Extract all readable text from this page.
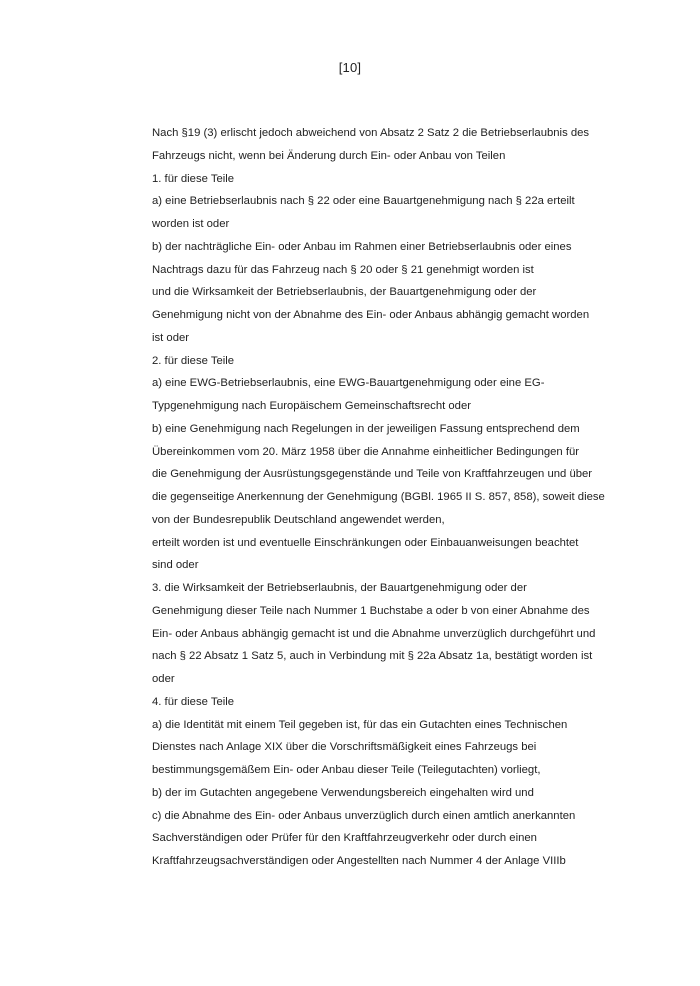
[10]
Nach §19 (3) erlischt jedoch abweichend von Absatz 2 Satz 2 die Betriebserlaubnis des
Fahrzeugs nicht, wenn bei Änderung durch Ein- oder Anbau von Teilen
1. für diese Teile
a) eine Betriebserlaubnis nach § 22 oder eine Bauartgenehmigung nach § 22a erteilt
worden ist oder
b) der nachträgliche Ein- oder Anbau im Rahmen einer Betriebserlaubnis oder eines
Nachtrags dazu für das Fahrzeug nach § 20 oder § 21 genehmigt worden ist
und die Wirksamkeit der Betriebserlaubnis, der Bauartgenehmigung oder der
Genehmigung nicht von der Abnahme des Ein- oder Anbaus abhängig gemacht worden
ist oder
2. für diese Teile
a) eine EWG-Betriebserlaubnis, eine EWG-Bauartgenehmigung oder eine EG-
Typgenehmigung nach Europäischem Gemeinschaftsrecht oder
b) eine Genehmigung nach Regelungen in der jeweiligen Fassung entsprechend dem
Übereinkommen vom 20. März 1958 über die Annahme einheitlicher Bedingungen für
die Genehmigung der Ausrüstungsgegenstände und Teile von Kraftfahrzeugen und über
die gegenseitige Anerkennung der Genehmigung (BGBl. 1965 II S. 857, 858), soweit diese
von der Bundesrepublik Deutschland angewendet werden,
erteilt worden ist und eventuelle Einschränkungen oder Einbauanweisungen beachtet
sind oder
3. die Wirksamkeit der Betriebserlaubnis, der Bauartgenehmigung oder der
Genehmigung dieser Teile nach Nummer 1 Buchstabe a oder b von einer Abnahme des
Ein- oder Anbaus abhängig gemacht ist und die Abnahme unverzüglich durchgeführt und
nach § 22 Absatz 1 Satz 5, auch in Verbindung mit § 22a Absatz 1a, bestätigt worden ist
oder
4. für diese Teile
a) die Identität mit einem Teil gegeben ist, für das ein Gutachten eines Technischen
Dienstes nach Anlage XIX über die Vorschriftsmäßigkeit eines Fahrzeugs bei
bestimmungsgemäßem Ein- oder Anbau dieser Teile (Teilegutachten) vorliegt,
b) der im Gutachten angegebene Verwendungsbereich eingehalten wird und
c) die Abnahme des Ein- oder Anbaus unverzüglich durch einen amtlich anerkannten
Sachverständigen oder Prüfer für den Kraftfahrzeugverkehr oder durch einen
Kraftfahrzeugsachverständigen oder Angestellten nach Nummer 4 der Anlage VIIIb
